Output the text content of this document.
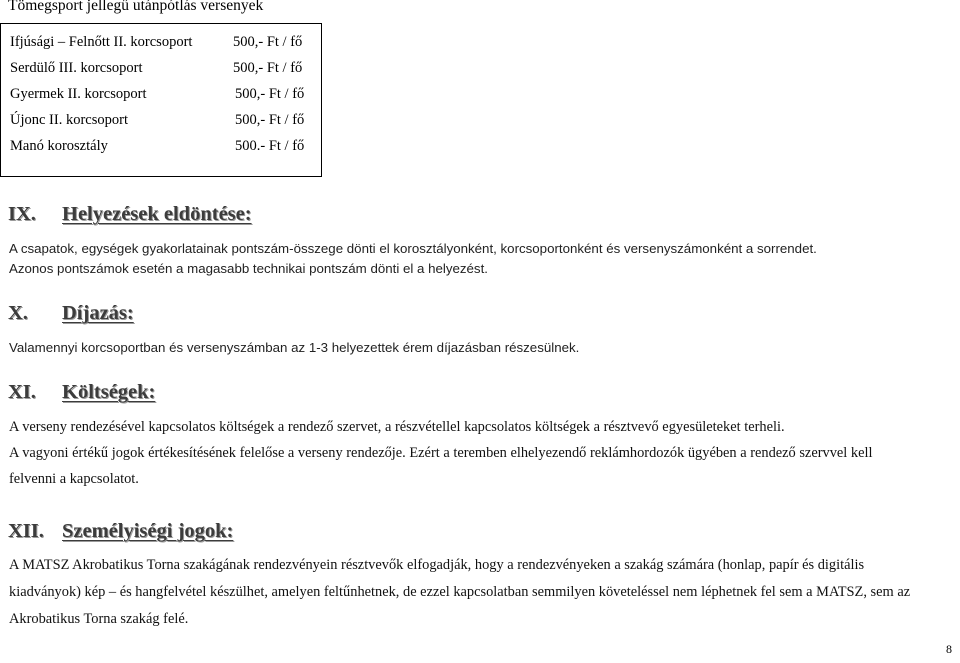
Tömegsport jellegű utánpótlás versenyek
Ifjúsági – Felnőtt II. korcsoport	500,- Ft / fő
Serdülő III. korcsoport	500,- Ft / fő
Gyermek II. korcsoport	500,- Ft / fő
Újonc II. korcsoport	500,- Ft / fő
Manó korosztály	500.- Ft / fő
IX. Helyezések eldöntése:
A csapatok, egységek gyakorlatainak pontszám-összege dönti el korosztályonként, korcsoportonként és versenyszámonként a sorrendet.
Azonos pontszámok esetén a magasabb technikai pontszám dönti el a helyezést.
X. Díjazás:
Valamennyi korcsoportban és versenyszámban az 1-3 helyezettek érem díjazásban részesülnek.
XI. Költségek:
A verseny rendezésével kapcsolatos költségek a rendező szervet, a részvétellel kapcsolatos költségek a résztvevő egyesületeket terheli.
A vagyoni értékű jogok értékesítésének felelőse a verseny rendezője. Ezért a teremben elhelyezendő reklámhordozók ügyében a rendező szervvel kell
felvenni a kapcsolatot.
XII. Személyiségi jogok:
A MATSZ Akrobatikus Torna szakágának rendezvényein résztvevők elfogadják, hogy a rendezvényeken a szakág számára (honlap, papír és digitális
kiadványok) kép – és hangfelvétel készülhet, amelyen feltűnhetnek, de ezzel kapcsolatban semmilyen követeléssel nem léphetnek fel sem a MATSZ, sem az
Akrobatikus Torna szakág felé.
8
